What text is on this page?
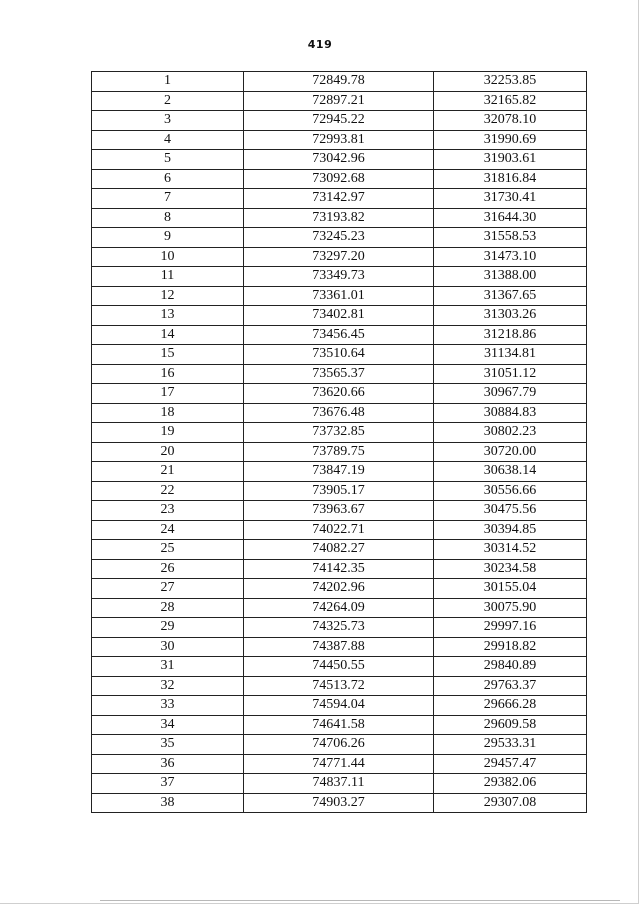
419
1	72849.78	32253.85
2	72897.21	32165.82
3	72945.22	32078.10
4	72993.81	31990.69
5	73042.96	31903.61
6	73092.68	31816.84
7	73142.97	31730.41
8	73193.82	31644.30
9	73245.23	31558.53
10	73297.20	31473.10
11	73349.73	31388.00
12	73361.01	31367.65
13	73402.81	31303.26
14	73456.45	31218.86
15	73510.64	31134.81
16	73565.37	31051.12
17	73620.66	30967.79
18	73676.48	30884.83
19	73732.85	30802.23
20	73789.75	30720.00
21	73847.19	30638.14
22	73905.17	30556.66
23	73963.67	30475.56
24	74022.71	30394.85
25	74082.27	30314.52
26	74142.35	30234.58
27	74202.96	30155.04
28	74264.09	30075.90
29	74325.73	29997.16
30	74387.88	29918.82
31	74450.55	29840.89
32	74513.72	29763.37
33	74594.04	29666.28
34	74641.58	29609.58
35	74706.26	29533.31
36	74771.44	29457.47
37	74837.11	29382.06
38	74903.27	29307.08
